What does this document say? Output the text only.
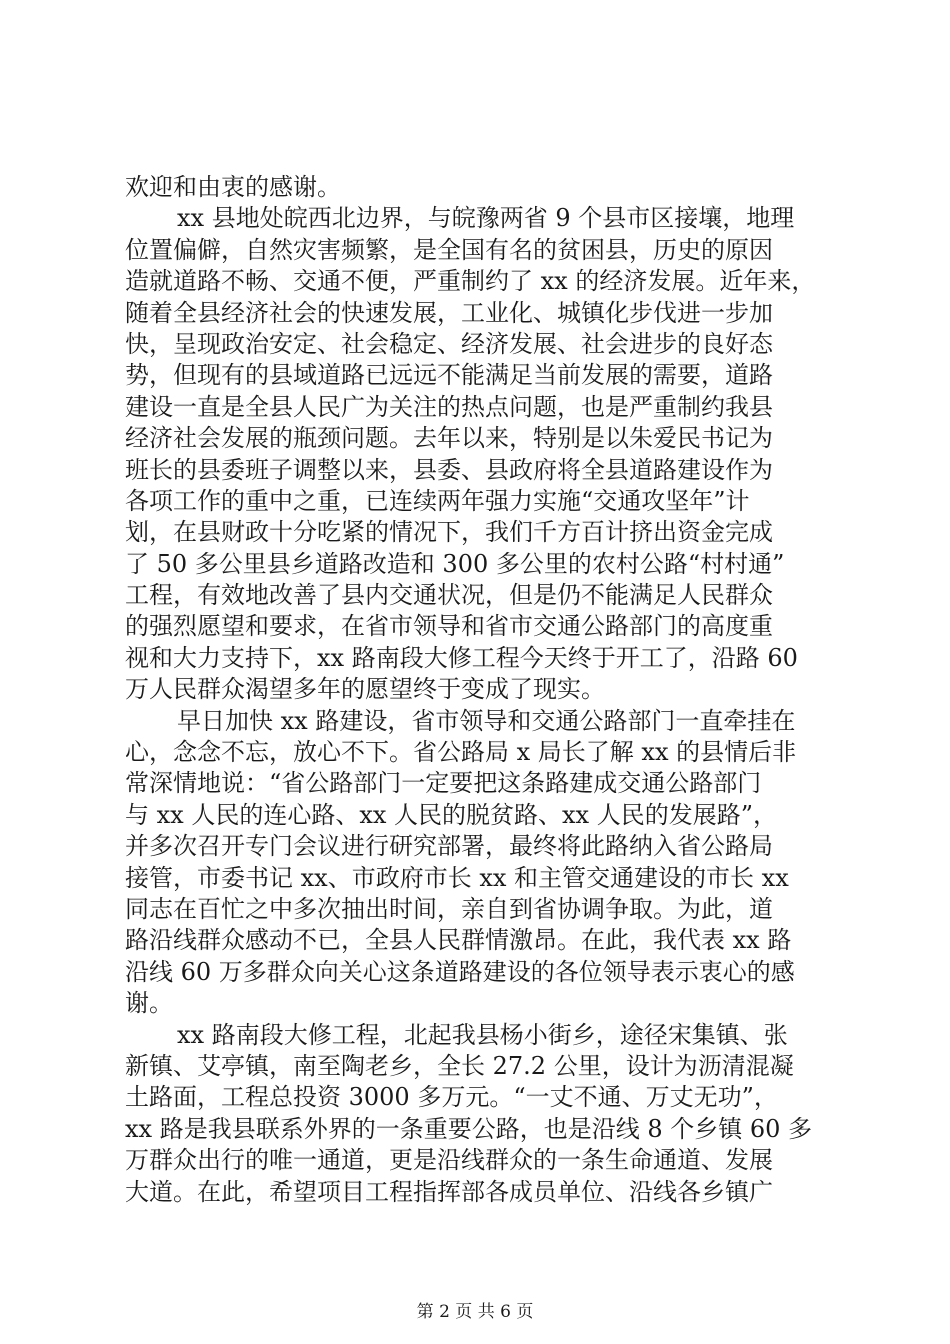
欢迎和由衷的感谢。
xx 县地处皖西北边界，与皖豫两省 9 个县市区接壤，地理
位置偏僻，自然灾害频繁，是全国有名的贫困县，历史的原因
造就道路不畅、交通不便，严重制约了 xx 的经济发展。近年来，
随着全县经济社会的快速发展，工业化、城镇化步伐进一步加
快，呈现政治安定、社会稳定、经济发展、社会进步的良好态
势，但现有的县域道路已远远不能满足当前发展的需要，道路
建设一直是全县人民广为关注的热点问题，也是严重制约我县
经济社会发展的瓶颈问题。去年以来，特别是以朱爱民书记为
班长的县委班子调整以来，县委、县政府将全县道路建设作为
各项工作的重中之重，已连续两年强力实施“交通攻坚年”计
划，在县财政十分吃紧的情况下，我们千方百计挤出资金完成
了 50 多公里县乡道路改造和 300 多公里的农村公路“村村通”
工程，有效地改善了县内交通状况，但是仍不能满足人民群众
的强烈愿望和要求，在省市领导和省市交通公路部门的高度重
视和大力支持下，xx 路南段大修工程今天终于开工了，沿路 60
万人民群众渴望多年的愿望终于变成了现实。
早日加快 xx 路建设，省市领导和交通公路部门一直牵挂在
心，念念不忘，放心不下。省公路局 x 局长了解 xx 的县情后非
常深情地说：“省公路部门一定要把这条路建成交通公路部门
与 xx 人民的连心路、xx 人民的脱贫路、xx 人民的发展路”，
并多次召开专门会议进行研究部署，最终将此路纳入省公路局
接管，市委书记 xx、市政府市长 xx 和主管交通建设的市长 xx
同志在百忙之中多次抽出时间，亲自到省协调争取。为此，道
路沿线群众感动不已，全县人民群情激昂。在此，我代表 xx 路
沿线 60 万多群众向关心这条道路建设的各位领导表示衷心的感
谢。
xx 路南段大修工程，北起我县杨小街乡，途径宋集镇、张
新镇、艾亭镇，南至陶老乡，全长 27.2 公里，设计为沥清混凝
土路面，工程总投资 3000 多万元。“一丈不通、万丈无功”，
xx 路是我县联系外界的一条重要公路，也是沿线 8 个乡镇 60 多
万群众出行的唯一通道，更是沿线群众的一条生命通道、发展
大道。在此，希望项目工程指挥部各成员单位、沿线各乡镇广
第 2 页 共 6 页
